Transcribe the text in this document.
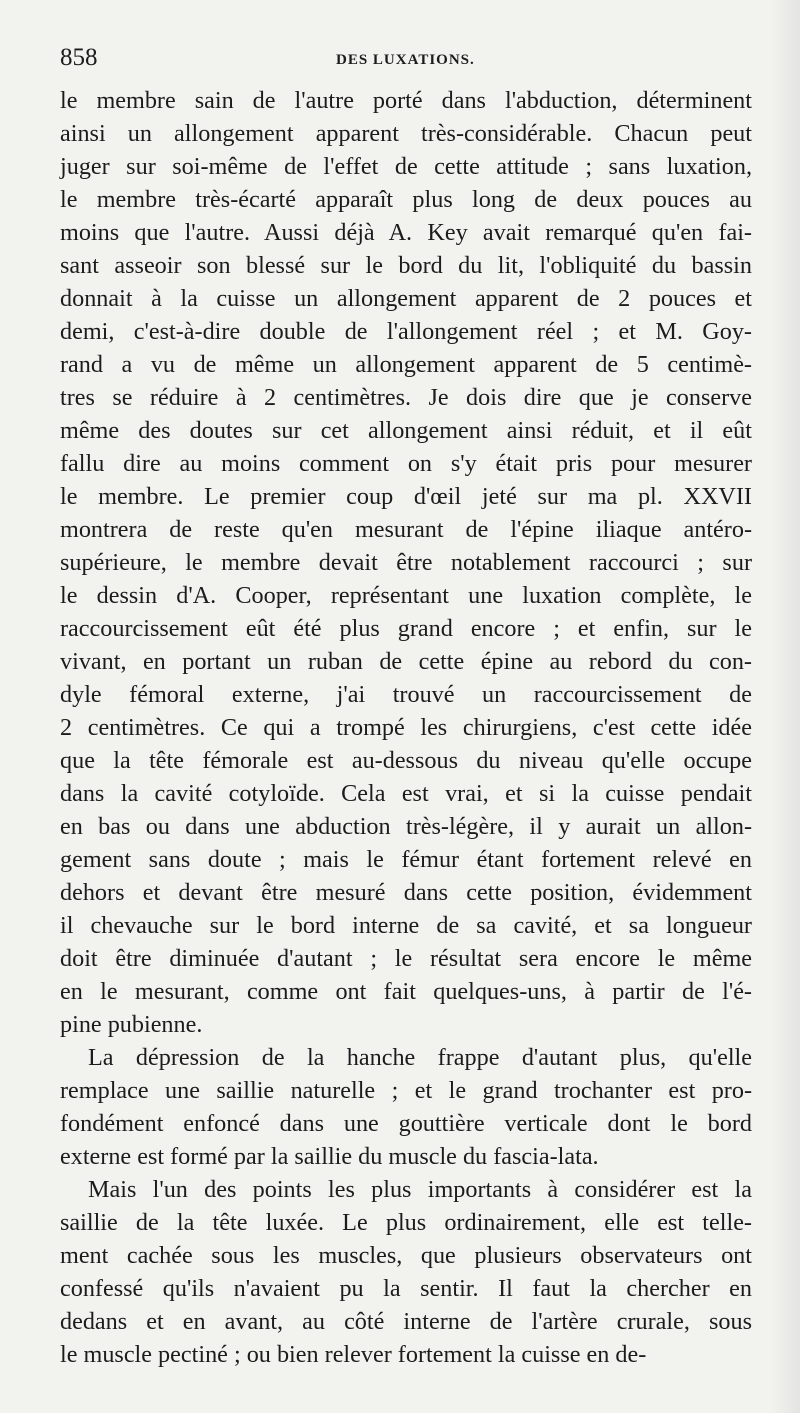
858	DES LUXATIONS.

le membre sain de l'autre porté dans l'abduction, déterminent
ainsi un allongement apparent très-considérable. Chacun peut
juger sur soi-même de l'effet de cette attitude ; sans luxation,
le membre très-écarté apparaît plus long de deux pouces au
moins que l'autre. Aussi déjà A. Key avait remarqué qu'en fai-
sant asseoir son blessé sur le bord du lit, l'obliquité du bassin
donnait à la cuisse un allongement apparent de 2 pouces et
demi, c'est-à-dire double de l'allongement réel ; et M. Goy-
rand a vu de même un allongement apparent de 5 centimè-
tres se réduire à 2 centimètres. Je dois dire que je conserve
même des doutes sur cet allongement ainsi réduit, et il eût
fallu dire au moins comment on s'y était pris pour mesurer
le membre. Le premier coup d'œil jeté sur ma pl. XXVII
montrera de reste qu'en mesurant de l'épine iliaque antéro-
supérieure, le membre devait être notablement raccourci ; sur
le dessin d'A. Cooper, représentant une luxation complète, le
raccourcissement eût été plus grand encore ; et enfin, sur le
vivant, en portant un ruban de cette épine au rebord du con-
dyle fémoral externe, j'ai trouvé un raccourcissement de
2 centimètres. Ce qui a trompé les chirurgiens, c'est cette idée
que la tête fémorale est au-dessous du niveau qu'elle occupe
dans la cavité cotyloïde. Cela est vrai, et si la cuisse pendait
en bas ou dans une abduction très-légère, il y aurait un allon-
gement sans doute ; mais le fémur étant fortement relevé en
dehors et devant être mesuré dans cette position, évidemment
il chevauche sur le bord interne de sa cavité, et sa longueur
doit être diminuée d'autant ; le résultat sera encore le même
en le mesurant, comme ont fait quelques-uns, à partir de l'é-
pine pubienne.

La dépression de la hanche frappe d'autant plus, qu'elle
remplace une saillie naturelle ; et le grand trochanter est pro-
fondément enfoncé dans une gouttière verticale dont le bord
externe est formé par la saillie du muscle du fascia-lata.

Mais l'un des points les plus importants à considérer est la
saillie de la tête luxée. Le plus ordinairement, elle est telle-
ment cachée sous les muscles, que plusieurs observateurs ont
confessé qu'ils n'avaient pu la sentir. Il faut la chercher en
dedans et en avant, au côté interne de l'artère crurale, sous
le muscle pectiné ; ou bien relever fortement la cuisse en de-
